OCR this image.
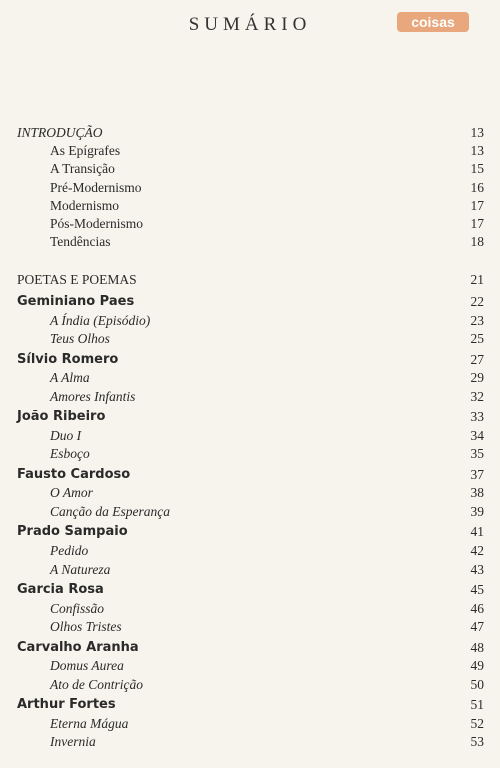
SUMÁRIO	coisas
INTRODUÇÃO	13
As Epígrafes	13
A Transição	15
Pré-Modernismo	16
Modernismo	17
Pós-Modernismo	17
Tendências	18
POETAS E POEMAS	21
Geminiano Paes	22
A Índia (Episódio)	23
Teus Olhos	25
Sílvio Romero	27
A Alma	29
Amores Infantis	32
João Ribeiro	33
Duo I	34
Esboço	35
Fausto Cardoso	37
O Amor	38
Canção da Esperança	39
Prado Sampaio	41
Pedido	42
A Natureza	43
Garcia Rosa	45
Confissão	46
Olhos Tristes	47
Carvalho Aranha	48
Domus Aurea	49
Ato de Contrição	50
Arthur Fortes	51
Eterna Mágua	52
Invernia	53
